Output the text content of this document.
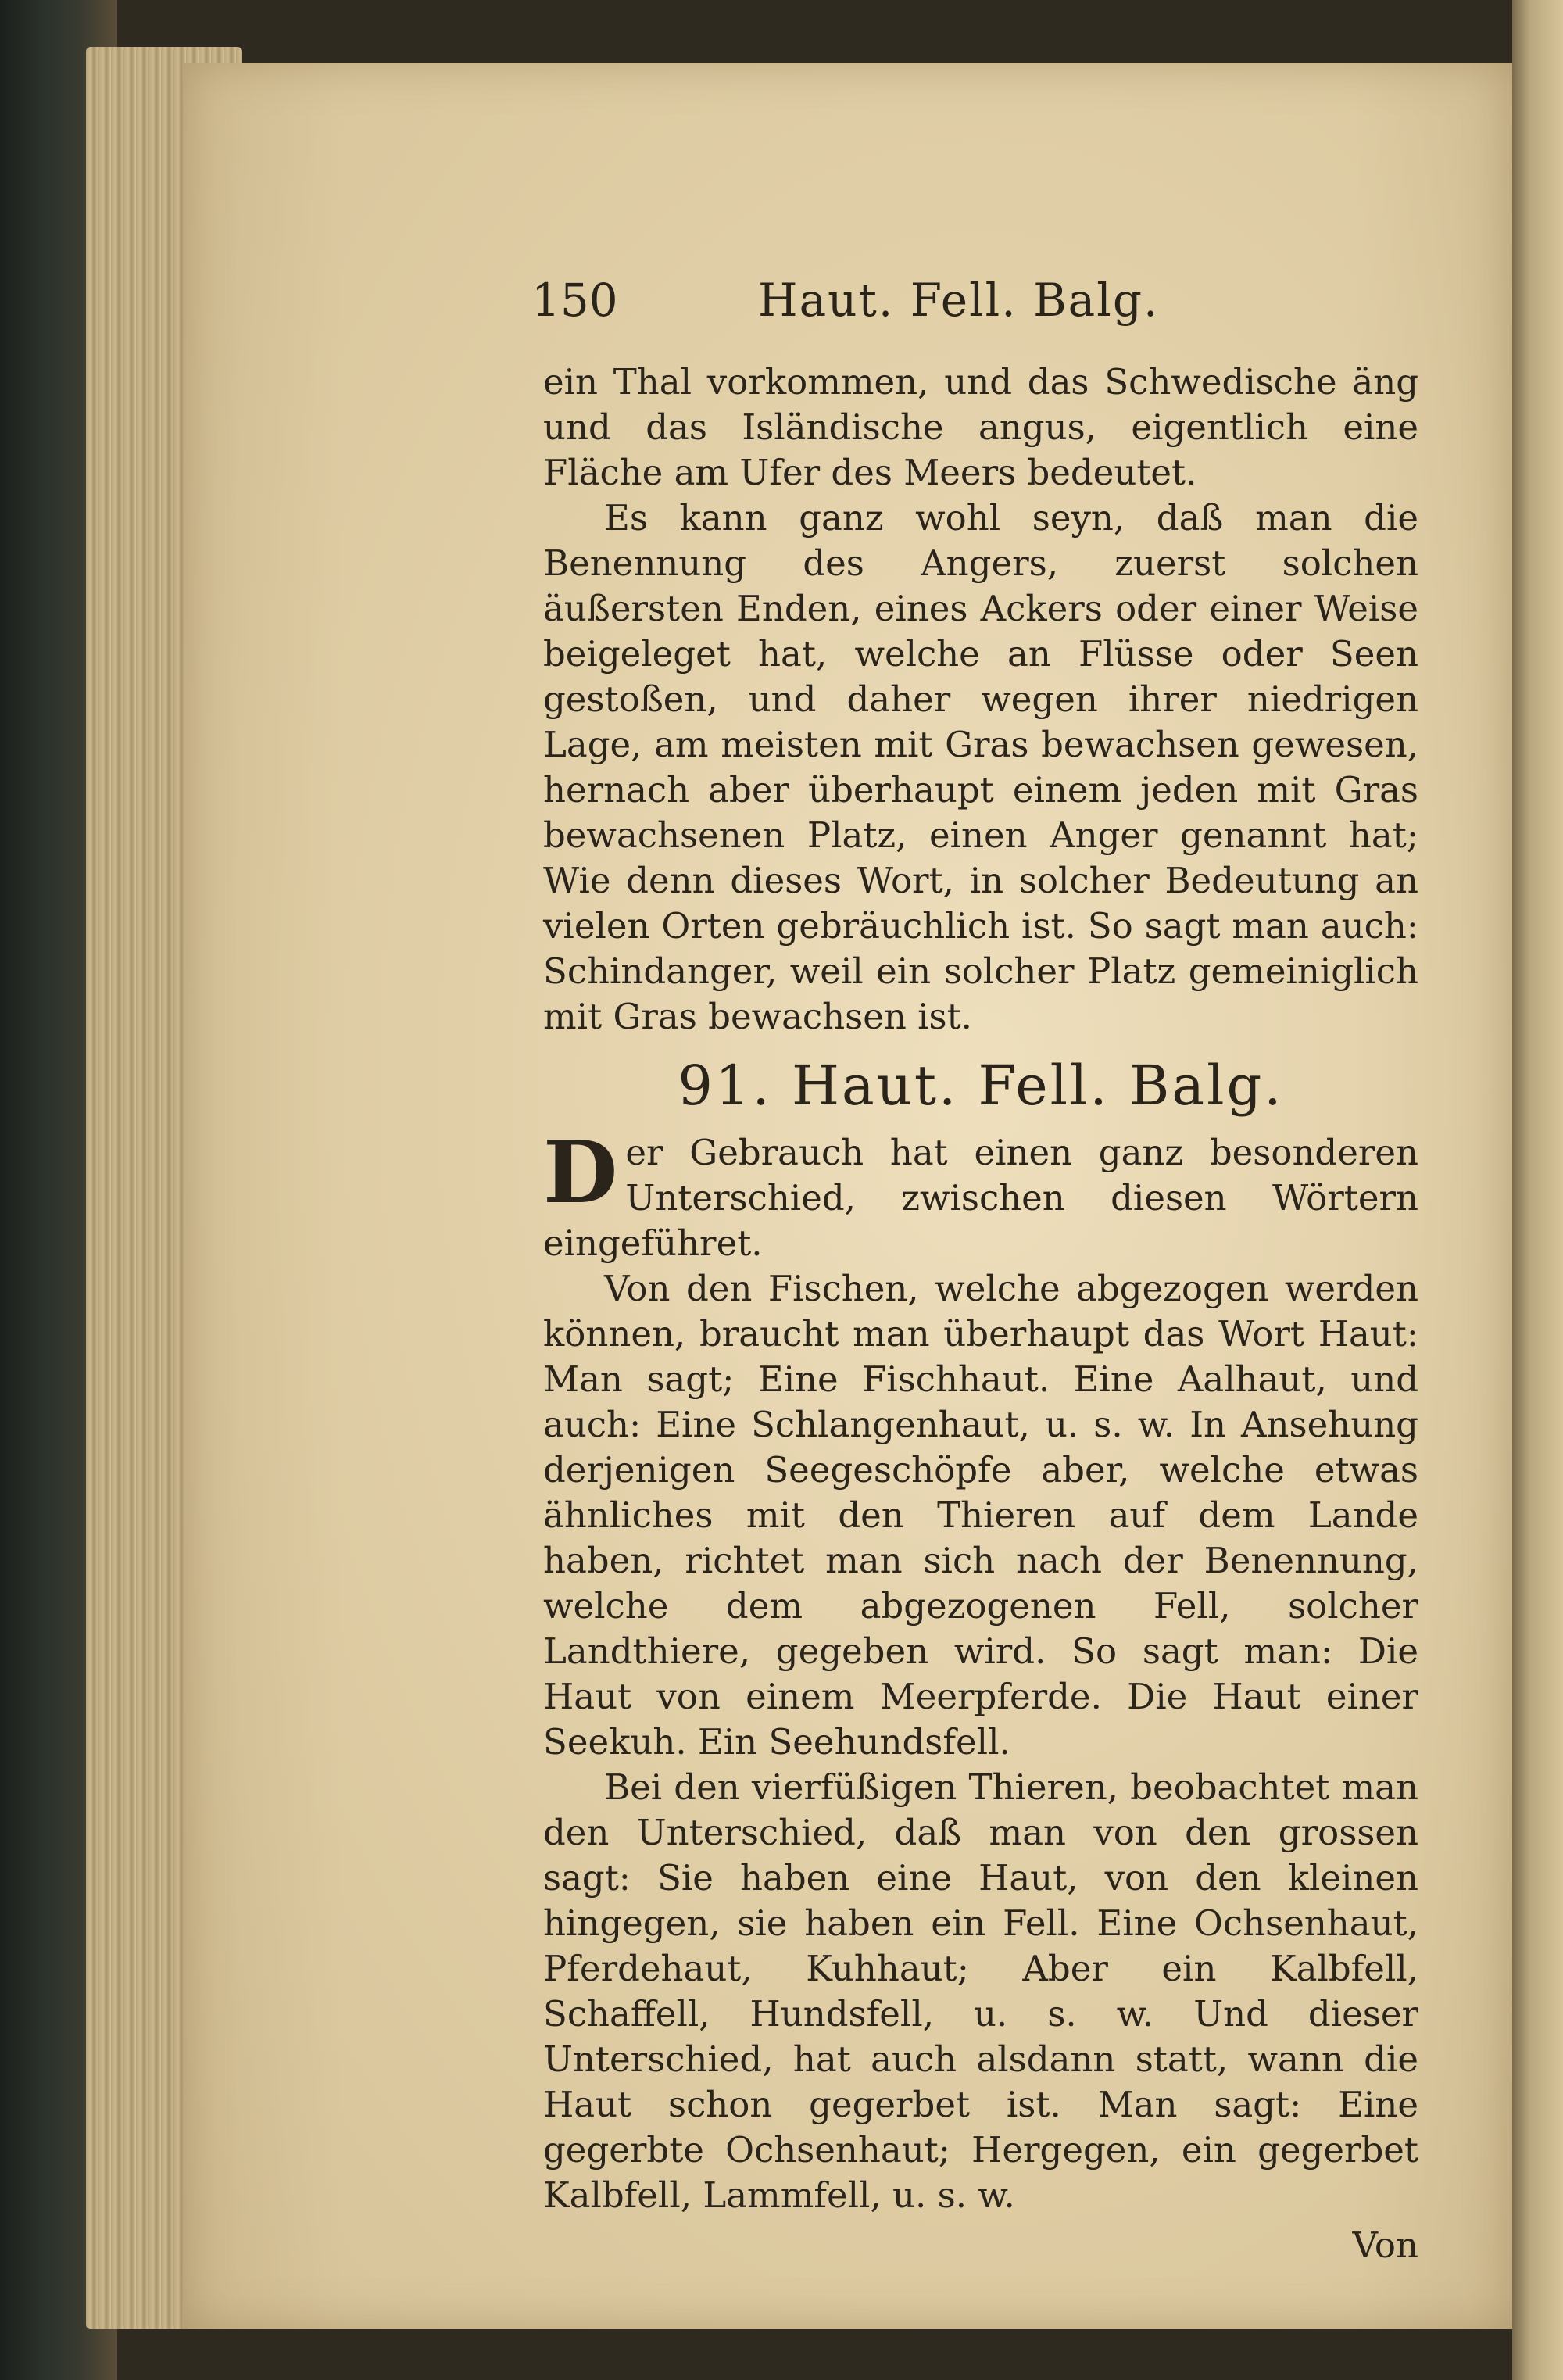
150	Haut. Fell. Balg.

ein Thal vorkommen, und das Schwedische äng und das Isländische angus, eigentlich eine Fläche am Ufer des Meers bedeutet.

Es kann ganz wohl seyn, daß man die Benennung des Angers, zuerst solchen äußersten Enden, eines Ackers oder einer Weise beigeleget hat, welche an Flüsse oder Seen gestoßen, und daher wegen ihrer niedrigen Lage, am meisten mit Gras bewachsen gewesen, hernach aber überhaupt einem jeden mit Gras bewachsenen Platz, einen Anger genannt hat; Wie denn dieses Wort, in solcher Bedeutung an vielen Orten gebräuchlich ist. So sagt man auch: Schindanger, weil ein solcher Platz gemeiniglich mit Gras bewachsen ist.

91. Haut. Fell. Balg.

D er Gebrauch hat einen ganz besonderen Unterschied, zwischen diesen Wörtern eingeführet.

Von den Fischen, welche abgezogen werden können, braucht man überhaupt das Wort Haut: Man sagt; Eine Fischhaut. Eine Aalhaut, und auch: Eine Schlangenhaut, u. s. w. In Ansehung derjenigen Seegeschöpfe aber, welche etwas ähnliches mit den Thieren auf dem Lande haben, richtet man sich nach der Benennung, welche dem abgezogenen Fell, solcher Landthiere, gegeben wird. So sagt man: Die Haut von einem Meerpferde. Die Haut einer Seekuh. Ein Seehundsfell.

Bei den vierfüßigen Thieren, beobachtet man den Unterschied, daß man von den grossen sagt: Sie haben eine Haut, von den kleinen hingegen, sie haben ein Fell. Eine Ochsenhaut, Pferdehaut, Kuhhaut; Aber ein Kalbfell, Schaffell, Hundsfell, u. s. w. Und dieser Unterschied, hat auch alsdann statt, wann die Haut schon gegerbet ist. Man sagt: Eine gegerbte Ochsenhaut; Hergegen, ein gegerbet Kalbfell, Lammfell, u. s. w.

Von
